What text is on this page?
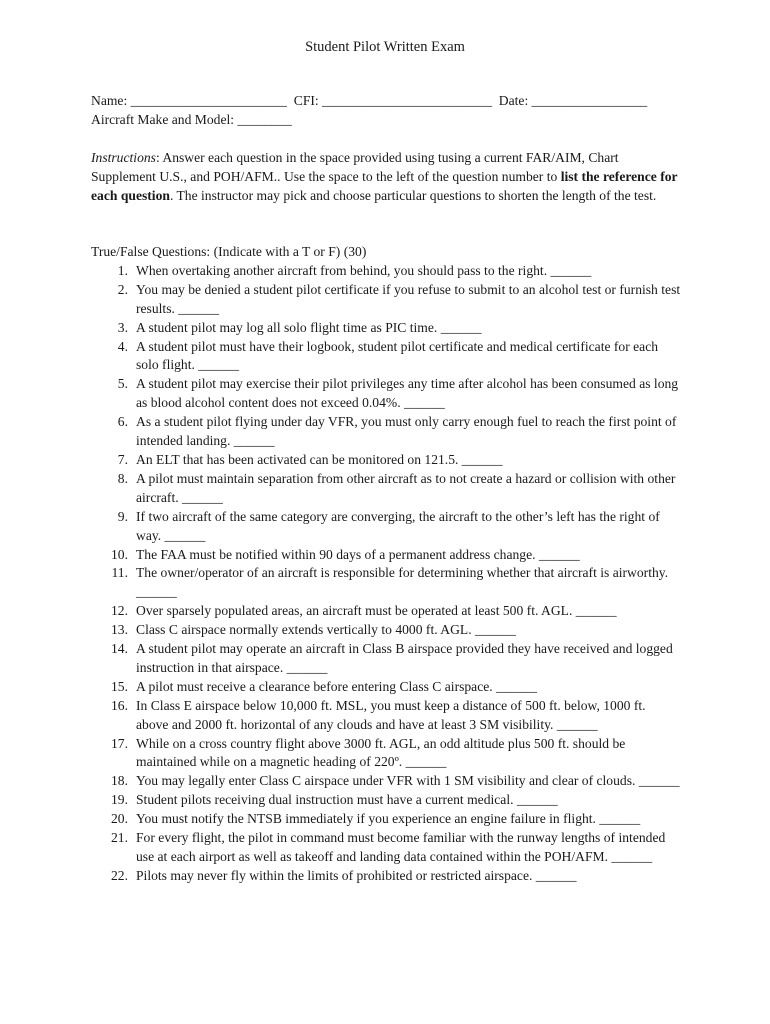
Student Pilot Written Exam
Name: _______________________  CFI: _________________________  Date: _________________
Aircraft Make and Model: ________

Instructions: Answer each question in the space provided using tusing a current FAR/AIM, Chart Supplement U.S., and POH/AFM.. Use the space to the left of the question number to list the reference for each question. The instructor may pick and choose particular questions to shorten the length of the test.

True/False Questions: (Indicate with a T or F) (30)

1. When overtaking another aircraft from behind, you should pass to the right. ______
2. You may be denied a student pilot certificate if you refuse to submit to an alcohol test or furnish test results. ______
3. A student pilot may log all solo flight time as PIC time. ______
4. A student pilot must have their logbook, student pilot certificate and medical certificate for each solo flight. ______
5. A student pilot may exercise their pilot privileges any time after alcohol has been consumed as long as blood alcohol content does not exceed 0.04%. ______
6. As a student pilot flying under day VFR, you must only carry enough fuel to reach the first point of intended landing. ______
7. An ELT that has been activated can be monitored on 121.5. ______
8. A pilot must maintain separation from other aircraft as to not create a hazard or collision with other aircraft. ______
9. If two aircraft of the same category are converging, the aircraft to the other’s left has the right of way. ______
10. The FAA must be notified within 90 days of a permanent address change. ______
11. The owner/operator of an aircraft is responsible for determining whether that aircraft is airworthy. ______
12. Over sparsely populated areas, an aircraft must be operated at least 500 ft. AGL. ______
13. Class C airspace normally extends vertically to 4000 ft. AGL. ______
14. A student pilot may operate an aircraft in Class B airspace provided they have received and logged instruction in that airspace. ______
15. A pilot must receive a clearance before entering Class C airspace. ______
16. In Class E airspace below 10,000 ft. MSL, you must keep a distance of 500 ft. below, 1000 ft. above and 2000 ft. horizontal of any clouds and have at least 3 SM visibility. ______
17. While on a cross country flight above 3000 ft. AGL, an odd altitude plus 500 ft. should be maintained while on a magnetic heading of 220º. ______
18. You may legally enter Class C airspace under VFR with 1 SM visibility and clear of clouds. ______
19. Student pilots receiving dual instruction must have a current medical. ______
20. You must notify the NTSB immediately if you experience an engine failure in flight. ______
21. For every flight, the pilot in command must become familiar with the runway lengths of intended use at each airport as well as takeoff and landing data contained within the POH/AFM. ______
22. Pilots may never fly within the limits of prohibited or restricted airspace. ______
